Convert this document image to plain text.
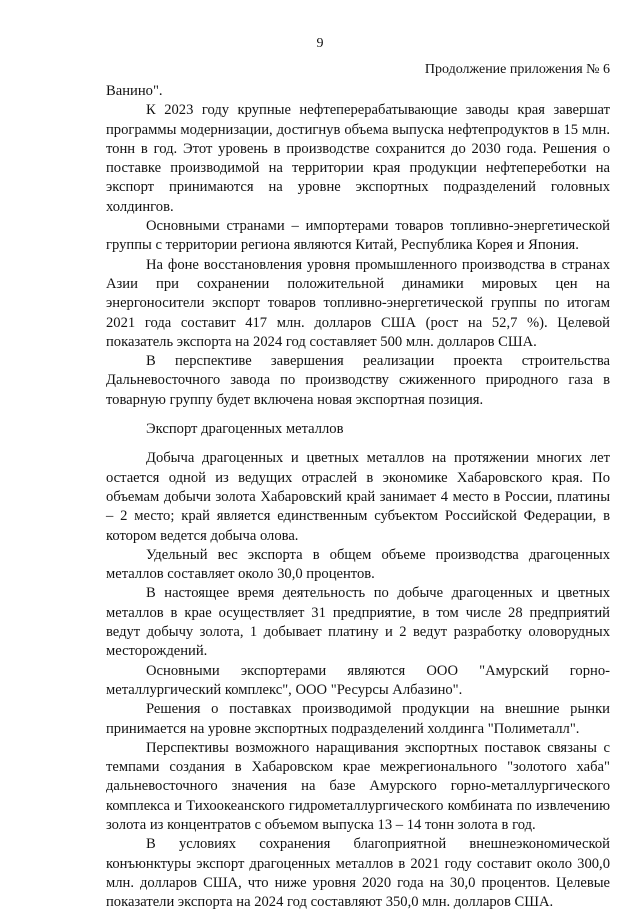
9
Продолжение приложения № 6

Ванино".

К 2023 году крупные нефтеперерабатывающие заводы края завершат программы модернизации, достигнув объема выпуска нефтепродуктов в 15 млн. тонн в год. Этот уровень в производстве сохранится до 2030 года. Решения о поставке производимой на территории края продукции нефтепереботки на экспорт принимаются на уровне экспортных подразделений головных холдингов.

Основными странами – импортерами товаров топливно-энергетической группы с территории региона являются Китай, Республика Корея и Япония.

На фоне восстановления уровня промышленного производства в странах Азии при сохранении положительной динамики мировых цен на энергоносители экспорт товаров топливно-энергетической группы по итогам 2021 года составит 417 млн. долларов США (рост на 52,7 %). Целевой показатель экспорта на 2024 год составляет 500 млн. долларов США.

В перспективе завершения реализации проекта строительства Дальневосточного завода по производству сжиженного природного газа в товарную группу будет включена новая экспортная позиция.

Экспорт драгоценных металлов

Добыча драгоценных и цветных металлов на протяжении многих лет остается одной из ведущих отраслей в экономике Хабаровского края. По объемам добычи золота Хабаровский край занимает 4 место в России, платины – 2 место; край является единственным субъектом Российской Федерации, в котором ведется добыча олова.

Удельный вес экспорта в общем объеме производства драгоценных металлов составляет около 30,0 процентов.

В настоящее время деятельность по добыче драгоценных и цветных металлов в крае осуществляет 31 предприятие, в том числе 28 предприятий ведут добычу золота, 1 добывает платину и 2 ведут разработку оловорудных месторождений.

Основными экспортерами являются ООО "Амурский горно-металлургический комплекс", ООО "Ресурсы Албазино".

Решения о поставках производимой продукции на внешние рынки принимается на уровне экспортных подразделений холдинга "Полиметалл".

Перспективы возможного наращивания экспортных поставок связаны с темпами создания в Хабаровском крае межрегионального "золотого хаба" дальневосточного значения на базе Амурского горно-металлургического комплекса и Тихоокеанского гидрометаллургического комбината по извлечению золота из концентратов с объемом выпуска 13 – 14 тонн золота в год.

В условиях сохранения благоприятной внешнеэкономической конъюнктуры экспорт драгоценных металлов в 2021 году составит около 300,0 млн. долларов США, что ниже уровня 2020 года на 30,0 процентов. Целевые показатели экспорта на 2024 год составляют 350,0 млн. долларов США.
